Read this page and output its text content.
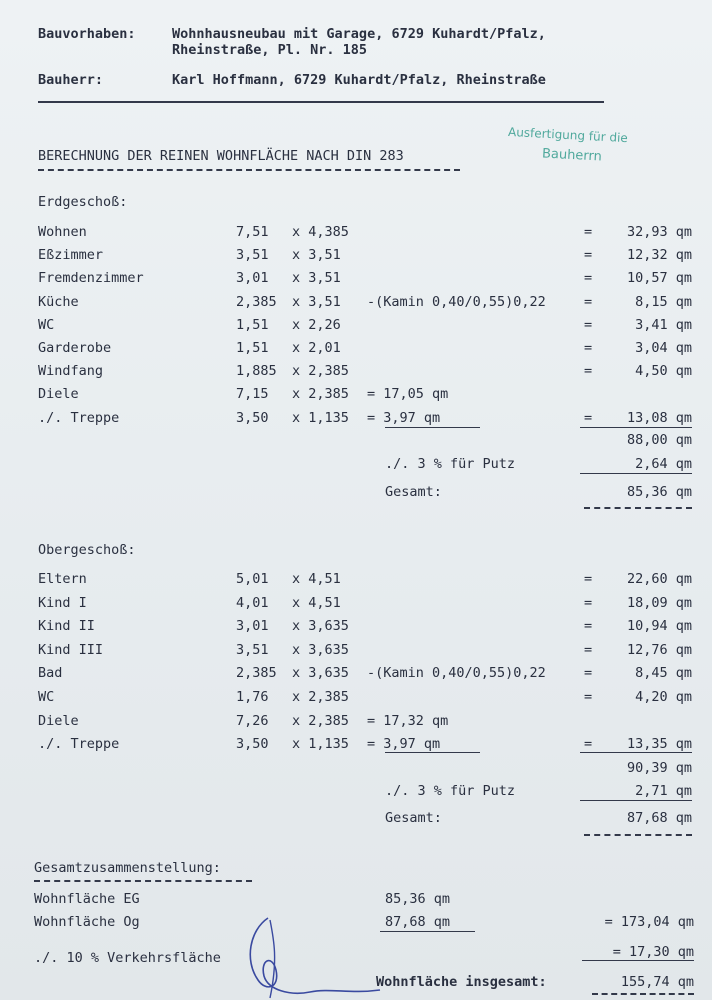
Bauvorhaben:	Wohnhausneubau mit Garage, 6729 Kuhardt/Pfalz,
Rheinstraße, Pl. Nr. 185
Bauherr:	Karl Hoffmann, 6729 Kuhardt/Pfalz, Rheinstraße
Ausfertigung für die
Bauherrn
BERECHNUNG DER REINEN WOHNFLÄCHE NACH DIN 283
Erdgeschoß:
Wohnen	7,51 x 4,385	=	32,93 qm
Eßzimmer	3,51 x 3,51	=	12,32 qm
Fremdenzimmer	3,01 x 3,51	=	10,57 qm
Küche	2,385 x 3,51 -(Kamin 0,40/0,55)0,22	=	8,15 qm
WC	1,51 x 2,26	=	3,41 qm
Garderobe	1,51 x 2,01	=	3,04 qm
Windfang	1,885 x 2,385	=	4,50 qm
Diele	7,15 x 2,385 = 17,05 qm
./. Treppe	3,50 x 1,135 = 3,97 qm	=	13,08 qm
88,00 qm
./. 3 % für Putz	2,64 qm
Gesamt:	85,36 qm
Obergeschoß:
Eltern	5,01 x 4,51	=	22,60 qm
Kind I	4,01 x 4,51	=	18,09 qm
Kind II	3,01 x 3,635	=	10,94 qm
Kind III	3,51 x 3,635	=	12,76 qm
Bad	2,385 x 3,635 -(Kamin 0,40/0,55)0,22	=	8,45 qm
WC	1,76 x 2,385	=	4,20 qm
Diele	7,26 x 2,385 = 17,32 qm
./. Treppe	3,50 x 1,135 = 3,97 qm	=	13,35 qm
90,39 qm
./. 3 % für Putz	2,71 qm
Gesamt:	87,68 qm
Gesamtzusammenstellung:
Wohnfläche EG	85,36 qm
Wohnfläche Og	87,68 qm	= 173,04 qm
./. 10 % Verkehrsfläche	= 17,30 qm
Wohnfläche insgesamt:	155,74 qm
